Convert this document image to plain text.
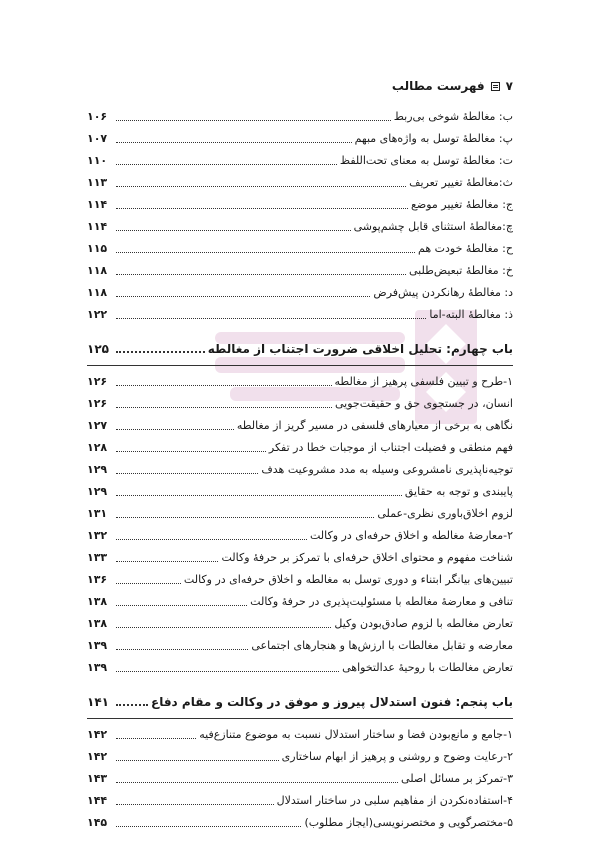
۷
فهرست مطالب
ب: مغالطهٔ شوخی بی‌ربط
۱۰۶
پ: مغالطهٔ توسل به واژه‌های مبهم
۱۰۷
ت: مغالطهٔ توسل به معنای تحت‌اللفظ
۱۱۰
ث:مغالطهٔ تغییر تعریف
۱۱۳
ج: مغالطهٔ تغییر موضع
۱۱۴
چ:مغالطهٔ استثنای قابل چشم‌پوشی
۱۱۴
ح: مغالطهٔ خودت هم
۱۱۵
خ: مغالطهٔ تبعیض‌طلبی
۱۱۸
د: مغالطهٔ رهانکردن پیش‌فرض
۱۱۸
ذ: مغالطهٔ البته-اما
۱۲۲
باب چهارم: تحلیل اخلاقی ضرورت اجتناب از مغالطه
۱۲۵
۱-طرح و تبیین فلسفی پرهیز از مغالطه
۱۲۶
انسان، در جستجوی حق و حقیقت‌جویی
۱۲۶
نگاهی به برخی از معیارهای فلسفی در مسیر گریز از مغالطه
۱۲۷
فهم منطقی و فضیلت اجتناب از موجبات خطا در تفکر
۱۲۸
توجیه‌ناپذیری نامشروعی وسیله به مدد مشروعیت هدف
۱۲۹
پایبندی و توجه به حقایق
۱۲۹
لزوم اخلاق‌باوری نظری-عملی
۱۳۱
۲-معارضهٔ مغالطه و اخلاق حرفه‌ای در وکالت
۱۳۲
شناخت مفهوم و محتوای اخلاق حرفه‌ای با تمرکز بر حرفهٔ وکالت
۱۳۳
تبیین‌های بیانگر ابتناء و دوری توسل به مغالطه و اخلاق حرفه‌ای در وکالت
۱۳۶
تنافی و معارضهٔ مغالطه با مسئولیت‌پذیری در حرفهٔ وکالت
۱۳۸
تعارض مغالطه با لزوم صادق‌بودن وکیل
۱۳۸
معارضه و تقابل مغالطات با ارزش‌ها و هنجارهای اجتماعی
۱۳۹
تعارض مغالطات با روحیهٔ عدالتخواهی
۱۳۹
باب پنجم: فنون استدلال پیروز و موفق در وکالت و مقام دفاع
۱۴۱
۱-جامع و مانع‌بودن فضا و ساختار استدلال نسبت به موضوع متنازع‌فیه
۱۴۲
۲-رعایت وضوح و روشنی و پرهیز از ابهام ساختاری
۱۴۲
۳-تمرکز بر مسائل اصلی
۱۴۳
۴-استفاده‌نکردن از مفاهیم سلبی در ساختار استدلال
۱۴۴
۵-مختصرگویی و مختصرنویسی(ایجاز مطلوب)
۱۴۵
